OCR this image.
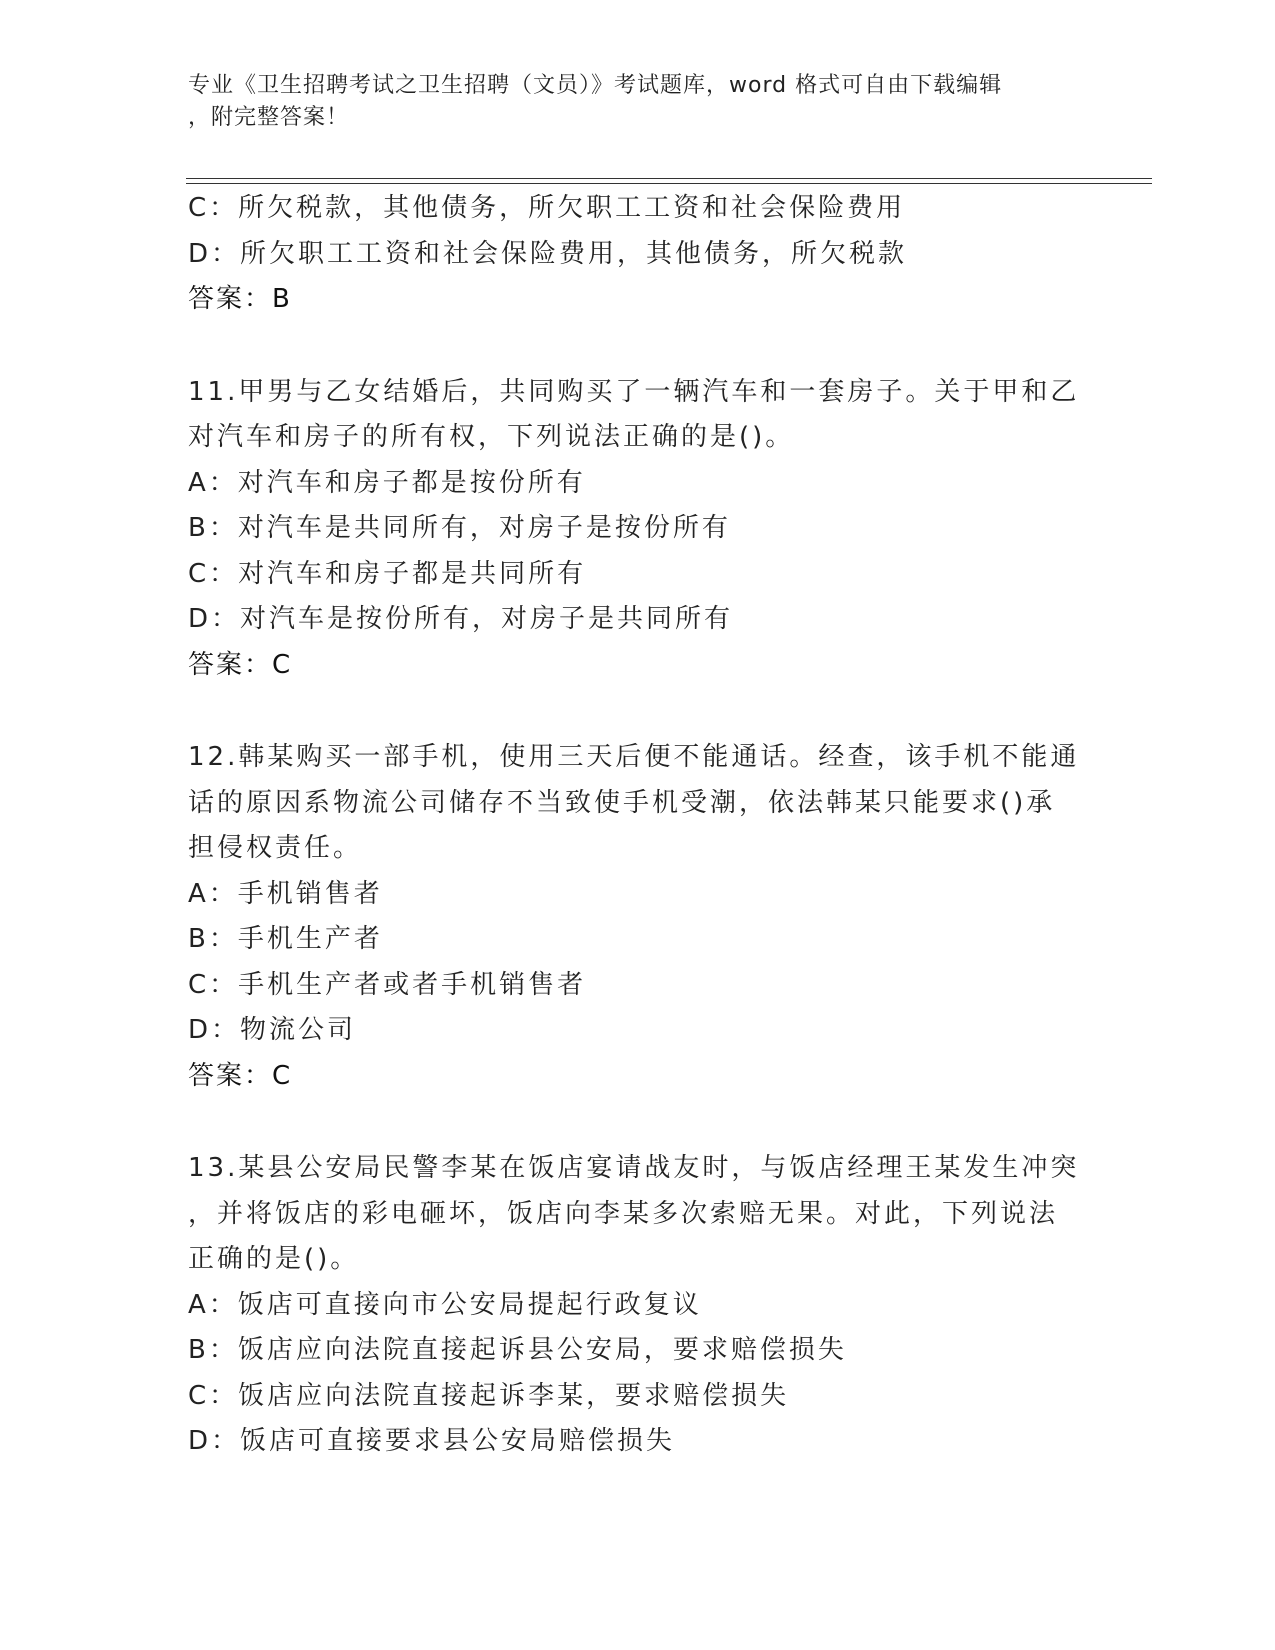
专业《卫生招聘考试之卫生招聘（文员）》考试题库，word 格式可自由下载编辑
，附完整答案！
C：所欠税款，其他债务，所欠职工工资和社会保险费用
D：所欠职工工资和社会保险费用，其他债务，所欠税款
答案：B
11.甲男与乙女结婚后，共同购买了一辆汽车和一套房子。关于甲和乙
对汽车和房子的所有权，下列说法正确的是()。
A：对汽车和房子都是按份所有
B：对汽车是共同所有，对房子是按份所有
C：对汽车和房子都是共同所有
D：对汽车是按份所有，对房子是共同所有
答案：C
12.韩某购买一部手机，使用三天后便不能通话。经查，该手机不能通
话的原因系物流公司储存不当致使手机受潮，依法韩某只能要求()承
担侵权责任。
A：手机销售者
B：手机生产者
C：手机生产者或者手机销售者
D：物流公司
答案：C
13.某县公安局民警李某在饭店宴请战友时，与饭店经理王某发生冲突
，并将饭店的彩电砸坏，饭店向李某多次索赔无果。对此，下列说法
正确的是()。
A：饭店可直接向市公安局提起行政复议
B：饭店应向法院直接起诉县公安局，要求赔偿损失
C：饭店应向法院直接起诉李某，要求赔偿损失
D：饭店可直接要求县公安局赔偿损失
